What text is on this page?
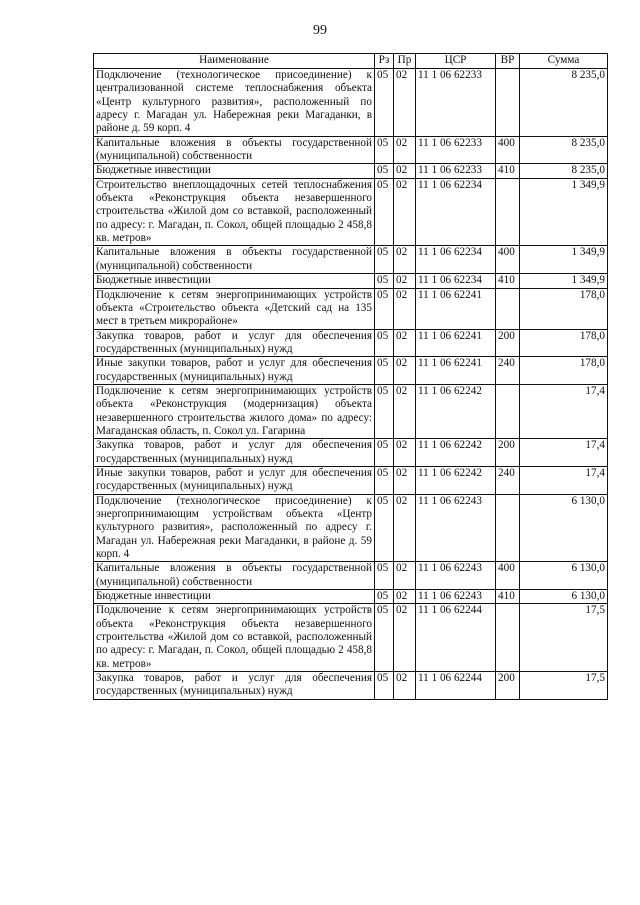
99
Наименование	Рз	Пр	ЦСР	ВР	Сумма
Подключение (технологическое присоединение) к централизованной системе теплоснабжения объекта «Центр культурного развития», расположенный по адресу г. Магадан ул. Набережная реки Магаданки, в районе д. 59 корп. 4	05	02	11 1 06 62233		8 235,0
Капитальные вложения в объекты государственной (муниципальной) собственности	05	02	11 1 06 62233	400	8 235,0
Бюджетные инвестиции	05	02	11 1 06 62233	410	8 235,0
Строительство внеплощадочных сетей теплоснабжения объекта «Реконструкция объекта незавершенного строительства «Жилой дом со вставкой, расположенный по адресу: г. Магадан, п. Сокол, общей площадью 2 458,8 кв. метров»	05	02	11 1 06 62234		1 349,9
Капитальные вложения в объекты государственной (муниципальной) собственности	05	02	11 1 06 62234	400	1 349,9
Бюджетные инвестиции	05	02	11 1 06 62234	410	1 349,9
Подключение к сетям энергопринимающих устройств объекта «Строительство объекта «Детский сад на 135 мест в третьем микрорайоне»	05	02	11 1 06 62241		178,0
Закупка товаров, работ и услуг для обеспечения государственных (муниципальных) нужд	05	02	11 1 06 62241	200	178,0
Иные закупки товаров, работ и услуг для обеспечения государственных (муниципальных) нужд	05	02	11 1 06 62241	240	178,0
Подключение к сетям энергопринимающих устройств объекта «Реконструкция (модернизация) объекта незавершенного строительства жилого дома» по адресу: Магаданская область, п. Сокол ул. Гагарина	05	02	11 1 06 62242		17,4
Закупка товаров, работ и услуг для обеспечения государственных (муниципальных) нужд	05	02	11 1 06 62242	200	17,4
Иные закупки товаров, работ и услуг для обеспечения государственных (муниципальных) нужд	05	02	11 1 06 62242	240	17,4
Подключение (технологическое присоединение) к энергопринимающим устройствам объекта «Центр культурного развития», расположенный по адресу г. Магадан ул. Набережная реки Магаданки, в районе д. 59 корп. 4	05	02	11 1 06 62243		6 130,0
Капитальные вложения в объекты государственной (муниципальной) собственности	05	02	11 1 06 62243	400	6 130,0
Бюджетные инвестиции	05	02	11 1 06 62243	410	6 130,0
Подключение к сетям энергопринимающих устройств объекта «Реконструкция объекта незавершенного строительства «Жилой дом со вставкой, расположенный по адресу: г. Магадан, п. Сокол, общей площадью 2 458,8 кв. метров»	05	02	11 1 06 62244		17,5
Закупка товаров, работ и услуг для обеспечения государственных (муниципальных) нужд	05	02	11 1 06 62244	200	17,5
